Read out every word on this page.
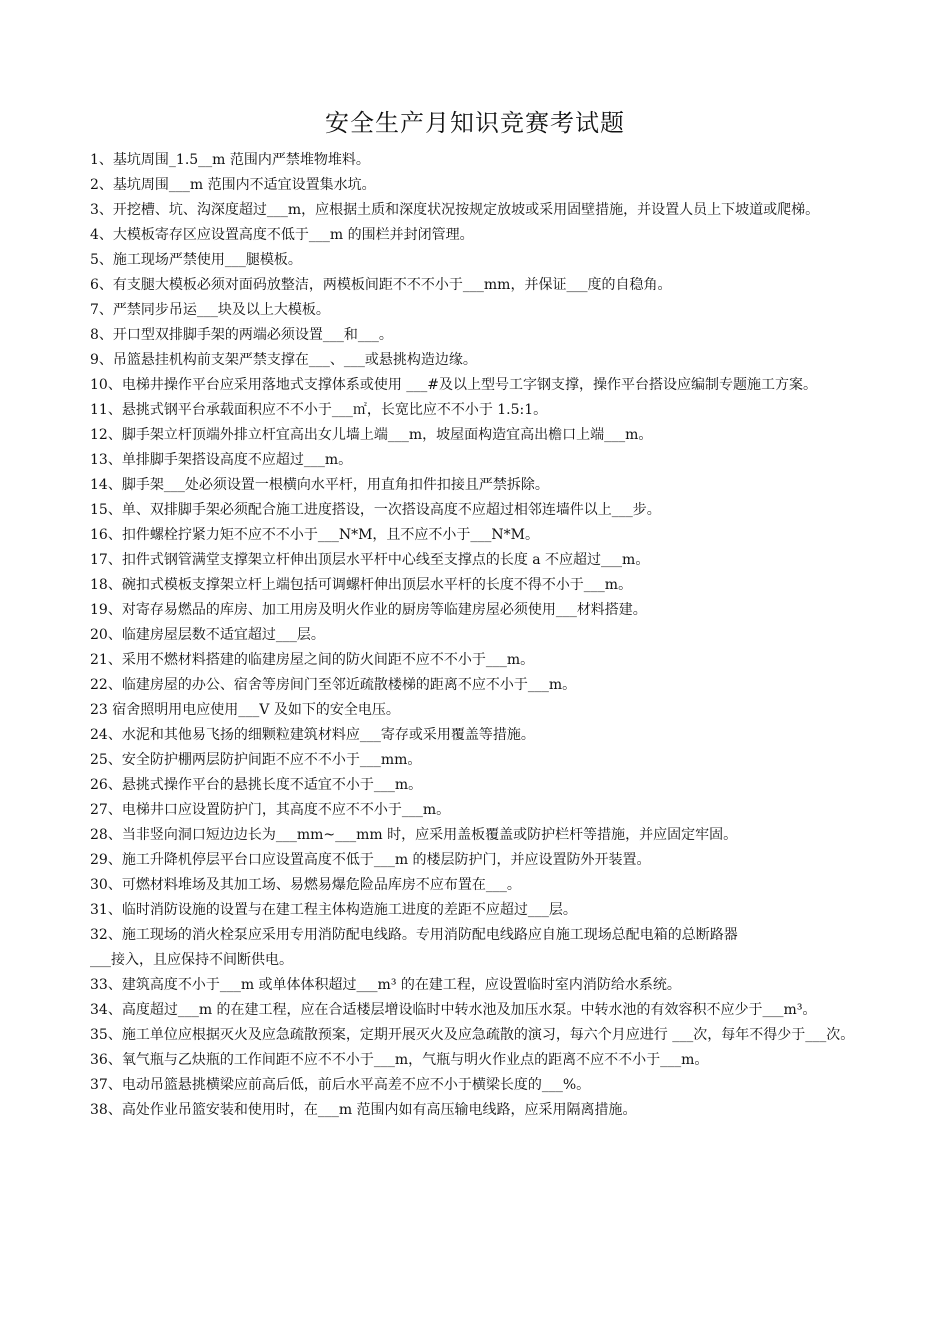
安全生产月知识竞赛考试题

1、基坑周围_1.5__m 范围内严禁堆物堆料。

2、基坑周围___m 范围内不适宜设置集水坑。

3、开挖槽、坑、沟深度超过___m，应根据土质和深度状况按规定放坡或采用固壁措施，并设置人员上下坡道或爬梯。

4、大模板寄存区应设置高度不低于___m 的围栏并封闭管理。

5、施工现场严禁使用___腿模板。

6、有支腿大模板必须对面码放整洁，两模板间距不不不小于___mm，并保证___度的自稳角。

7、严禁同步吊运___块及以上大模板。

8、开口型双排脚手架的两端必须设置___和___。

9、吊篮悬挂机构前支架严禁支撑在___、___或悬挑构造边缘。

10、电梯井操作平台应采用落地式支撑体系或使用 ___#及以上型号工字钢支撑，操作平台搭设应编制专题施工方案。

11、悬挑式钢平台承载面积应不不小于___㎡，长宽比应不不小于 1.5:1。

12、脚手架立杆顶端外排立杆宜高出女儿墙上端___m，坡屋面构造宜高出檐口上端___m。

13、单排脚手架搭设高度不应超过___m。

14、脚手架___处必须设置一根横向水平杆，用直角扣件扣接且严禁拆除。

15、单、双排脚手架必须配合施工进度搭设，一次搭设高度不应超过相邻连墙件以上___步。

16、扣件螺栓拧紧力矩不应不不小于___N*M，且不应不小于___N*M。

17、扣件式钢管满堂支撑架立杆伸出顶层水平杆中心线至支撑点的长度 a 不应超过___m。

18、碗扣式模板支撑架立杆上端包括可调螺杆伸出顶层水平杆的长度不得不小于___m。

19、对寄存易燃品的库房、加工用房及明火作业的厨房等临建房屋必须使用___材料搭建。

20、临建房屋层数不适宜超过___层。

21、采用不燃材料搭建的临建房屋之间的防火间距不应不不小于___m。

22、临建房屋的办公、宿舍等房间门至邻近疏散楼梯的距离不应不小于___m。

23 宿舍照明用电应使用___V 及如下的安全电压。

24、水泥和其他易飞扬的细颗粒建筑材料应___寄存或采用覆盖等措施。

25、安全防护棚两层防护间距不应不不小于___mm。

26、悬挑式操作平台的悬挑长度不适宜不小于___m。

27、电梯井口应设置防护门，其高度不应不不小于___m。

28、当非竖向洞口短边边长为___mm~___mm 时，应采用盖板覆盖或防护栏杆等措施，并应固定牢固。

29、施工升降机停层平台口应设置高度不低于___m 的楼层防护门，并应设置防外开装置。

30、可燃材料堆场及其加工场、易燃易爆危险品库房不应布置在___。

31、临时消防设施的设置与在建工程主体构造施工进度的差距不应超过___层。

32、施工现场的消火栓泵应采用专用消防配电线路。专用消防配电线路应自施工现场总配电箱的总断路器

___接入，且应保持不间断供电。

33、建筑高度不小于___m 或单体体积超过___m³ 的在建工程，应设置临时室内消防给水系统。

34、高度超过___m 的在建工程，应在合适楼层增设临时中转水池及加压水泵。中转水池的有效容积不应少于___m³。

35、施工单位应根据灭火及应急疏散预案，定期开展灭火及应急疏散的演习，每六个月应进行 ___次，每年不得少于___次。

36、氧气瓶与乙炔瓶的工作间距不应不不小于___m，气瓶与明火作业点的距离不应不不小于___m。

37、电动吊篮悬挑横梁应前高后低，前后水平高差不应不小于横梁长度的___%。

38、高处作业吊篮安装和使用时，在___m 范围内如有高压输电线路，应采用隔离措施。
